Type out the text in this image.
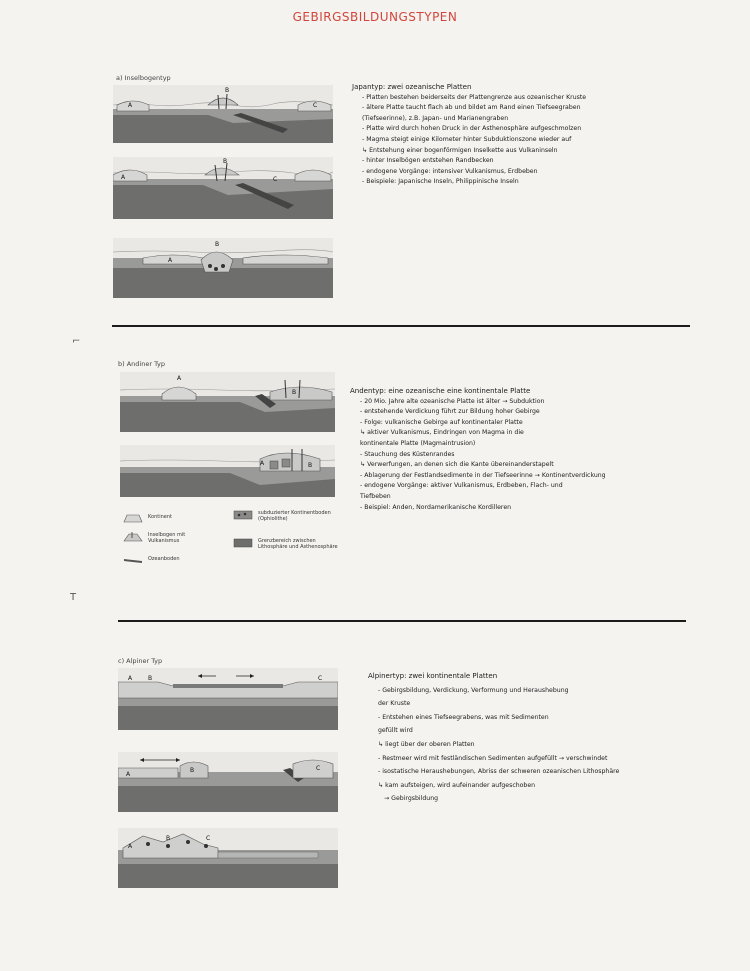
GEBIRGSBILDUNGSTYPEN
⌐
T
a) Inselbogentyp
A
B
C
A
B
C
A
B
Japantyp: zwei ozeanische Platten
- Platten bestehen beiderseits der Plattengrenze aus ozeanischer Kruste
- ältere Platte taucht flach ab und bildet am Rand einen Tiefseegraben
(Tiefseerinne), z.B. Japan- und Marianengraben
- Platte wird durch hohen Druck in der Asthenosphäre aufgeschmolzen
- Magma steigt einige Kilometer hinter Subduktionszone wieder auf
↳ Entstehung einer bogenförmigen Inselkette aus Vulkaninseln
- hinter Inselbögen entstehen Randbecken
- endogene Vorgänge: intensiver Vulkanismus, Erdbeben
- Beispiele: Japanische Inseln, Philippinische Inseln
b) Andiner Typ
A
B
A	B
Kontinent
Inselbogen mit Vulkanismus
Ozeanboden
subduzierter Kontinentboden (Ophiolithe)
Grenzbereich zwischen Lithosphäre und Asthenosphäre
Andentyp: eine ozeanische eine kontinentale Platte
- 20 Mio. Jahre alte ozeanische Platte ist älter → Subduktion
- entstehende Verdickung führt zur Bildung hoher Gebirge
- Folge: vulkanische Gebirge auf kontinentaler Platte
↳ aktiver Vulkanismus, Eindringen von Magma in die
kontinentale Platte (Magmaintrusion)
- Stauchung des Küstenrandes
↳ Verwerfungen, an denen sich die Kante übereinanderstapelt
- Ablagerung der Festlandsedimente in der Tiefseerinne → Kontinentverdickung
- endogene Vorgänge: aktiver Vulkanismus, Erdbeben, Flach- und
Tiefbeben
- Beispiel: Anden, Nordamerikanische Kordilleren
c) Alpiner Typ
A	B	C
A
B	C
A
B	C
Alpinertyp: zwei kontinentale Platten
- Gebirgsbildung, Verdickung, Verformung und Heraushebung
der Kruste
- Entstehen eines Tiefseegrabens, was mit Sedimenten
gefüllt wird
↳ liegt über der oberen Platten
- Restmeer wird mit festländischen Sedimenten aufgefüllt → verschwindet
- isostatische Heraushebungen, Abriss der schweren ozeanischen Lithosphäre
↳ kam aufsteigen, wird aufeinander aufgeschoben
→ Gebirgsbildung
